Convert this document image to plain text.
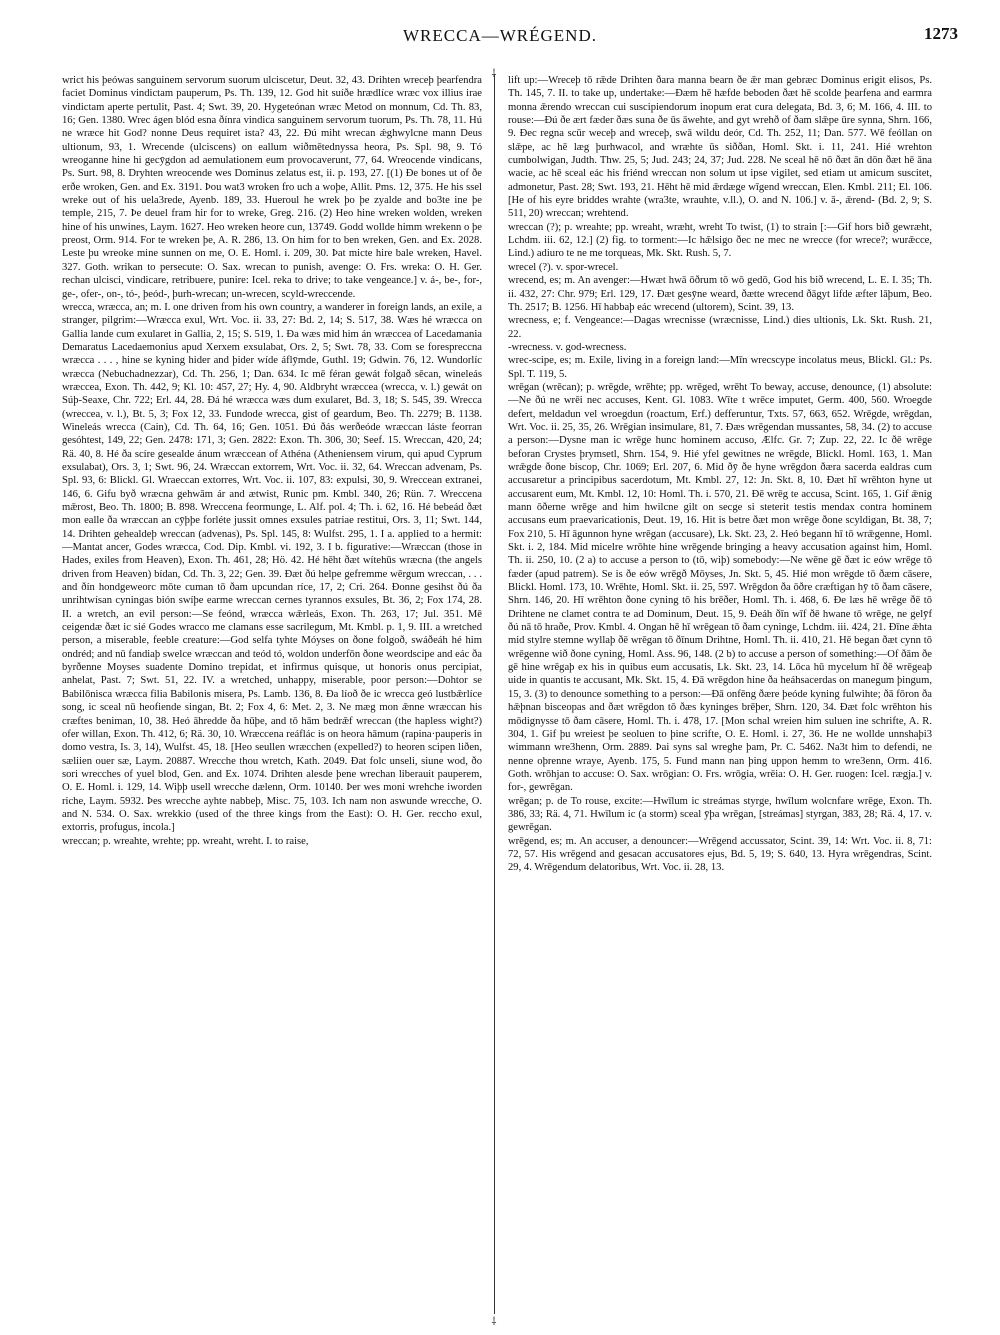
WRECCA—WRÉGEND.	1273
⸸
⸸

wrict his þeówas sanguinem servorum suorum ulciscetur, Deut. 32, 43. Drihten wreceþ þearfendra faciet Dominus vindictam pauperum, Ps. Th. 139, 12. God hit suíðe hrædlíce wræc vox illius irae vindictam aperte pertulit, Past. 4; Swt. 39, 20. Hygeteónan wræc Metod on monnum, Cd. Th. 83, 16; Gen. 1380. Wrec ágen blód esna ðínra vindica sanguinem servorum tuorum, Ps. Th. 78, 11. Hú ne wræce hit God? nonne Deus requiret ista? 43, 22. Ðú miht wrecan ǽghwylcne mann Deus ultionum, 93, 1. Wrecende (ulciscens) on eallum wiðmētednyssa heora, Ps. Spl. 98, 9. Tó wreoganne hine hi gecȳgdon ad aemulationem eum provocaverunt, 77, 64. Wreocende vindicans, Ps. Surt. 98, 8. Dryhten wreocende wes Dominus zelatus est, ii. p. 193, 27. [(1) Ðe bones ut of ðe erðe wroken, Gen. and Ex. 3191. Þou wat3 wroken fro uch a woþe, Allit. Pms. 12, 375. He his ssel wreke out of his uela3rede, Ayenb. 189, 33. Hueroul he wrek þo þe zyalde and bo3te ine þe temple, 215, 7. Þe deuel fram hir for to wreke, Greg. 216. (2) Heo hine wreken wolden, wreken hine of his unwines, Laym. 1627. Heo wreken heore cun, 13749. Godd wollde himm wrekenn o þe preost, Orm. 914. For te wreken þe, A. R. 286, 13. On him for to ben wreken, Gen. and Ex. 2028. Leste þu wreoke mine sunnen on me, O. E. Homl. i. 209, 30. Þat micte hire bale wreken, Havel. 327. Goth. wrikan to persecute: O. Sax. wrecan to punish, avenge: O. Frs. wreka: O. H. Ger. rechan ulcisci, vindicare, retribuere, punire: Icel. reka to drive; to take vengeance.] v. á-, be-, for-, ge-, ofer-, on-, tó-, þeód-, þurh-wrecan; un-wrecen, scyld-wreccende.

wrecca, wræcca, an; m. I. one driven from his own country, a wanderer in foreign lands, an exile, a stranger, pilgrim:—Wræcca exul, Wrt. Voc. ii. 33, 27: Bd. 2, 14; S. 517, 38. Wæs hé wræcca on Gallia lande cum exularet in Gallia, 2, 15; S. 519, 1. Ða wæs mid him án wræccea of Lacedamania Demaratus Lacedaemonius apud Xerxem exsulabat, Ors. 2, 5; Swt. 78, 33. Com se forespreccna wræcca . . . , hine se kyning hider and þider wíde áflȳmde, Guthl. 19; Gdwin. 76, 12. Wundorlíc wræcca (Nebuchadnezzar), Cd. Th. 256, 1; Dan. 634. Ic mē féran gewát folgað sēcan, wineleás wræccea, Exon. Th. 442, 9; Kl. 10: 457, 27; Hy. 4, 90. Aldbryht wræccea (wrecca, v. l.) gewát on Súþ-Seaxe, Chr. 722; Erl. 44, 28. Ðá hé wræcca wæs dum exularet, Bd. 3, 18; S. 545, 39. Wrecca (wreccea, v. l.), Bt. 5, 3; Fox 12, 33. Fundode wrecca, gist of geardum, Beo. Th. 2279; B. 1138. Wineleás wrecca (Cain), Cd. Th. 64, 16; Gen. 1051. Ðú ðás werðeóde wræccan láste feorran gesóhtest, 149, 22; Gen. 2478: 171, 3; Gen. 2822: Exon. Th. 306, 30; Seef. 15. Wreccan, 420, 24; Rä. 40, 8. Hé ða scíre gesealde ánum wræccean of Athéna (Atheniensem virum, qui apud Cyprum exsulabat), Ors. 3, 1; Swt. 96, 24. Wræccan extorrem, Wrt. Voc. ii. 32, 64. Wreccan advenam, Ps. Spl. 93, 6: Blickl. Gl. Wraeccan extorres, Wrt. Voc. ii. 107, 83: expulsi, 30, 9. Wreccean extranei, 146, 6. Gifu byð wræcna gehwām ár and ætwist, Runic pm. Kmbl. 340, 26; Rün. 7. Wreccena mǣrost, Beo. Th. 1800; B. 898. Wreccena feormunge, L. Alf. pol. 4; Th. i. 62, 16. Hé bebeád ðæt mon ealle ða wræccan an cȳþþe forléte jussit omnes exsules patriae restitui, Ors. 3, 11; Swt. 144, 14. Drihten gehealdeþ wreccan (advenas), Ps. Spl. 145, 8: Wulfst. 295, 1. I a. applied to a hermit:—Mantat ancer, Godes wræcca, Cod. Dip. Kmbl. vi. 192, 3. I b. figurative:—Wræccan (those in Hades, exiles from Heaven), Exon. Th. 461, 28; Hö. 42. Hé hēht ðæt wítehūs wræcna (the angels driven from Heaven) bídan, Cd. Th. 3, 22; Gen. 39. Ðæt ðú helpe gefremme wērgum wreccan, . . . and ðín hondgeweorc mōte cuman tō ðam upcundan ríce, 17, 2; Cri. 264. Ðonne gesihst ðú ða unrihtwísan cyningas bión swíþe earme wreccan cernes tyrannos exsules, Bt. 36, 2; Fox 174, 28. II. a wretch, an evil person:—Se feónd, wræcca wǣrleás, Exon. Th. 263, 17; Jul. 351. Mē ceigendæ ðæt ic sié Godes wracco me clamans esse sacrilegum, Mt. Kmbl. p. 1, 9. III. a wretched person, a miserable, feeble creature:—God selfa tyhte Móyses on ðone folgoð, swáðeáh hé him ondréd; and nū fandiaþ swelce wræccan and teód tó, woldon underfōn ðone weordscipe and eác ða byrðenne Moyses suadente Domino trepidat, et infirmus quisque, ut honoris onus percipiat, anhelat, Past. 7; Swt. 51, 22. IV. a wretched, unhappy, miserable, poor person:—Dohtor se Babilōnisca wræcca filia Babilonis misera, Ps. Lamb. 136, 8. Ða líoð ðe ic wrecca geó lustbǣrlíce song, ic sceal nū heofiende singan, Bt. 2; Fox 4, 6: Met. 2, 3. Ne mæg mon ǣnne wræccan his cræftes beniman, 10, 38. Heó āhredde ða hūþe, and tō hām bedrǣf wreccan (the hapless wight?) ofer willan, Exon. Th. 412, 6; Rä. 30, 10. Wræccena reáflác is on heora hāmum (rapina·pauperis in domo vestra, Is. 3, 14), Wulfst. 45, 18. [Heo seullen wræcchen (expelled?) to heoren scipen liðen, sæliien ouer sæ, Laym. 20887. Wrecche thou wretch, Kath. 2049. Ðat folc unseli, siune wod, ðo sori wrecches of yuel blod, Gen. and Ex. 1074. Drihten alesde þene wrechan liberauit pauperem, O. E. Homl. i. 129, 14. Wiþþ usell wrecche dælenn, Orm. 10140. Þer wes moni wrehche iworden riche, Laym. 5932. Þes wrecche ayhte nabbeþ, Misc. 75, 103. Ich nam non aswunde wrecche, O. and N. 534. O. Sax. wrekkio (used of the three kings from the East): O. H. Ger. reccho exul, extorris, profugus, incola.]

wreccan; p. wreahte, wrehte; pp. wreaht, wreht. I. to raise,

lift up:—Wreceþ tō rǣde Drihten ðara manna bearn ðe ǣr man gebræc Dominus erigit elisos, Ps. Th. 145, 7. II. to take up, undertake:—Ðæm hē hæfde beboden ðæt hē scolde þearfena and earmra monna ǣrendo wreccan cui suscipiendorum inopum erat cura delegata, Bd. 3, 6; M. 166, 4. III. to rouse:—Ðú ðe ært fæder ðæs suna ðe ūs āwehte, and gyt wrehð of ðam slǣpe ūre synna, Shrn. 166, 9. Ðec regna scūr weceþ and wreceþ, swā wildu deór, Cd. Th. 252, 11; Dan. 577. Wē feóllan on slǣpe, ac hē læg þurhwacol, and wræhte ūs siððan, Homl. Skt. i. 11, 241. Hié wrehton cumbolwigan, Judth. Thw. 25, 5; Jud. 243; 24, 37; Jud. 228. Ne sceal hē nō ðæt ān dōn ðæt hē āna wacie, ac hē sceal eác his friénd wreccan non solum ut ipse vigilet, sed etiam ut amicum suscitet, admonetur, Past. 28; Swt. 193, 21. Hēht hē mid ǣrdæge wīgend wreccan, Elen. Kmbl. 211; El. 106. [He of his eyre briddes wrahte (wra3te, wrauhte, v.ll.), O. and N. 106.] v. ā-, ǣrend- (Bd. 2, 9; S. 511, 20) wreccan; wrehtend.

wreccan (?); p. wreahte; pp. wreaht, wræht, wreht To twist, (1) to strain [:—Gif hors bið gewræht, Lchdm. iii. 62, 12.] (2) fig. to torment:—Ic hǣlsigo ðec ne mec ne wrecce (for wrece?; wurǣcce, Lind.) adiuro te ne me torqueas, Mk. Skt. Rush. 5, 7.

wrecel (?). v. spor-wrecel.

wrecend, es; m. An avenger:—Hwæt hwā ōðrum tō wō gedō, God his bið wrecend, L. E. I. 35; Th. ii. 432, 27: Chr. 979; Erl. 129, 17. Ðæt gesȳne weard, ðætte wrecend ðāgyt lifde æfter lāþum, Beo. Th. 2517; B. 1256. Hī habbaþ eác wrecend (ultorem), Scint. 39, 13.

wrecness, e; f. Vengeance:—Dagas wrecnisse (wræcnisse, Lind.) dies ultionis, Lk. Skt. Rush. 21, 22.

-wrecness. v. god-wrecness.

wrec-scipe, es; m. Exile, living in a foreign land:—Mīn wrecscype incolatus meus, Blickl. Gl.: Ps. Spl. T. 119, 5.

wrēgan (wrēcan); p. wrēgde, wrēhte; pp. wrēged, wrēht To beway, accuse, denounce, (1) absolute:—Ne ðú ne wrēi nec accuses, Kent. Gl. 1083. Wīte t wrēce imputet, Germ. 400, 560. Wroegde defert, meldadun vel wroegdun (roactum, Erf.) defferuntur, Txts. 57, 663, 652. Wrēgde, wrēgdan, Wrt. Voc. ii. 25, 35, 26. Wrēgian insimulare, 81, 7. Ðæs wrēgendan mussantes, 58, 34. (2) to accuse a person:—Dysne man ic wrēge hunc hominem accuso, Ælfc. Gr. 7; Zup. 22, 22. Ic ðē wrēge beforan Crystes þrymsetl, Shrn. 154, 9. Hié yfel gewitnes ne wrēgde, Blickl. Homl. 163, 1. Man wrǣgde ðone biscop, Chr. 1069; Erl. 207, 6. Mid ðȳ ðe hyne wrēgdon ðæra sacerda ealdras cum accusaretur a principibus sacerdotum, Mt. Kmbl. 27, 12: Jn. Skt. 8, 10. Ðæt hī wrēhton hyne ut accusarent eum, Mt. Kmbl. 12, 10: Homl. Th. i. 570, 21. Ðē wrēg te accusa, Scint. 165, 1. Gif ǣnig mann ōðerne wrēge and him hwilcne gilt on secge si steterit testis mendax contra hominem accusans eum praevaricationis, Deut. 19, 16. Hit is betre ðæt mon wrēge ðone scyldigan, Bt. 38, 7; Fox 210, 5. Hī āgunnon hyne wrēgan (accusare), Lk. Skt. 23, 2. Heó begann hī tō wrǣgenne, Homl. Skt. i. 2, 184. Mid micelre wrōhte hine wrēgende bringing a heavy accusation against him, Homl. Th. ii. 250, 10. (2 a) to accuse a person to (tō, wiþ) somebody:—Ne wēne gē ðæt ic eów wrēge tō fæder (apud patrem). Se is ðe eów wrēgð Mōyses, Jn. Skt. 5, 45. Hié mon wrēgde tō ðæm cāsere, Blickl. Homl. 173, 10. Wrēhte, Homl. Skt. ii. 25, 597. Wrēgdon ða ōðre cræftigan hȳ tō ðam cāsere, Shrn. 146, 20. Hī wrēhton ðone cyning tō his brēðer, Homl. Th. i. 468, 6. Ðe læs hē wrēge ðē tō Drihtene ne clamet contra te ad Dominum, Deut. 15, 9. Ðeáh ðīn wīf ðē hwane tō wrēge, ne gelȳf ðú nā tō hraðe, Prov. Kmbl. 4. Ongan hē hī wrēgean tō ðam cyninge, Lchdm. iii. 424, 21. Ðīne ǣhta mid stylre stemne wyllaþ ðē wrēgan tō ðīnum Drihtne, Homl. Th. ii. 410, 21. Hē began ðæt cynn tō wrēgenne wið ðone cyning, Homl. Ass. 96, 148. (2 b) to accuse a person of something:—Of ðām ðe gē hine wrēgaþ ex his in quibus eum accusatis, Lk. Skt. 23, 14. Lōca hū mycelum hī ðē wrēgeaþ uide in quantis te accusant, Mk. Skt. 15, 4. Ðā wrēgdon hine ða heáhsacerdas on manegum þingum, 15, 3. (3) to denounce something to a person:—Ðā onfēng ðære þeóde kyning fulwihte; ðā fōron ða hǣþnan bisceopas and ðæt wrēgdon tō ðæs kyninges brēþer, Shrn. 120, 34. Ðæt folc wrēhton his mōdignysse tō ðam cāsere, Homl. Th. i. 478, 17. [Mon schal wreien him suluen ine schrifte, A. R. 304, 1. Gif þu wreiest þe seoluen to þine scrifte, O. E. Homl. i. 27, 36. He ne wollde unnshaþi3 wimmann wre3henn, Orm. 2889. Þai syns sal wreghe þam, Pr. C. 5462. Na3t him to defendi, ne nenne oþrenne wraye, Ayenb. 175, 5. Fund mann nan þing uppon hemm to wre3enn, Orm. 416. Goth. wrōhjan to accuse: O. Sax. wrōgian: O. Frs. wrōgia, wrēia: O. H. Ger. ruogen: Icel. rægja.] v. for-, gewrēgan.

wrēgan; p. de To rouse, excite:—Hwīlum ic streámas styrge, hwīlum wolcnfare wrēge, Exon. Th. 386, 33; Rä. 4, 71. Hwīlum ic (a storm) sceal ȳþa wrēgan, [streámas] styrgan, 383, 28; Rä. 4, 17. v. gewrēgan.

wrēgend, es; m. An accuser, a denouncer:—Wrēgend accussator, Scint. 39, 14: Wrt. Voc. ii. 8, 71: 72, 57. His wrēgend and gesacan accusatores ejus, Bd. 5, 19; S. 640, 13. Hyra wrēgendras, Scint. 29, 4. Wrēgendum delatoribus, Wrt. Voc. ii. 28, 13.
